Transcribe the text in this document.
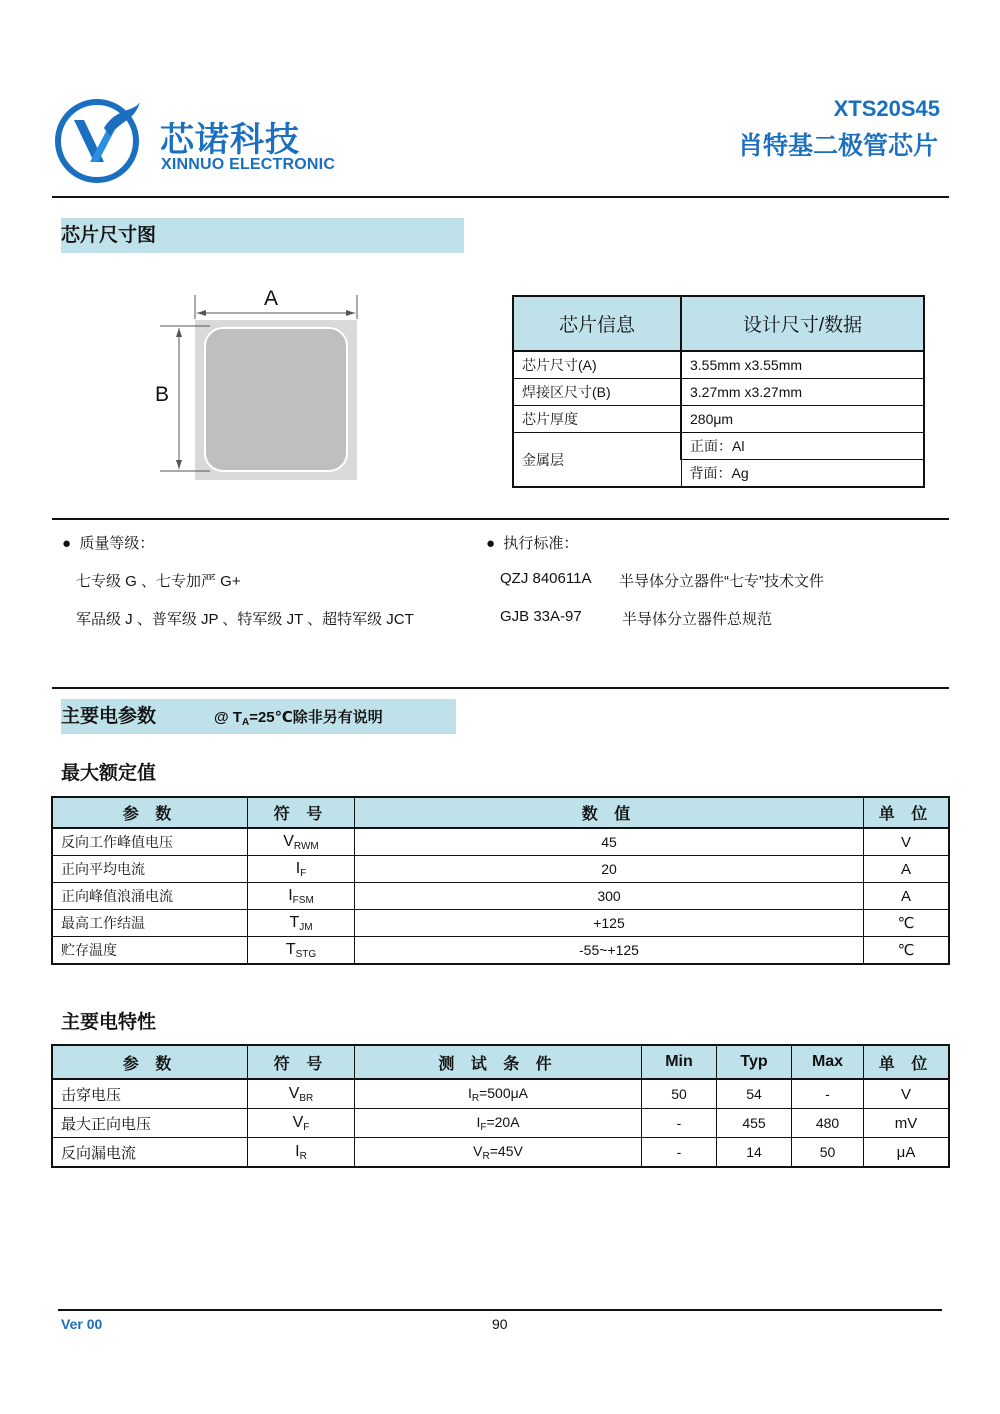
芯诺科技
XINNUO ELECTRONIC
XTS20S45
肖特基二极管芯片
芯片尺寸图
A
B
芯片信息	设计尺寸/数据
芯片尺寸(A)	3.55mm x3.55mm
焊接区尺寸(B)	3.27mm x3.27mm
芯片厚度	280μm
金属层	正面：Al
	背面：Ag
●  质量等级：
七专级 G 、七专加严 G+
军品级 J 、普军级 JP 、特军级 JT 、超特军级 JCT
●  执行标准：
QZJ 840611A 半导体分立器件“七专”技术文件
GJB 33A-97	半导体分立器件总规范
主要电参数	@ $T_A=25℃$除非另有说明
最大额定值
参 数	符 号	数 值	单 位
反向工作峰值电压	$V_{RWM}$	45	V
正向平均电流	$I_F$	20	A
正向峰值浪涌电流	$I_{FSM}$	300	A
最高工作结温	$T_{JM}$	+125	℃
贮存温度	$T_{STG}$	-55~+125	℃
主要电特性
参 数	符 号	测 试 条 件	Min	Typ	Max	单 位
击穿电压	$V_{BR}$	$I_R=500\mu A$	50	54	-	V
最大正向电压	$V_F$	$I_F=20A$	-	455	480	mV
反向漏电流	$I_R$	$V_R=45V$	-	14	50	μA
Ver 00	90
